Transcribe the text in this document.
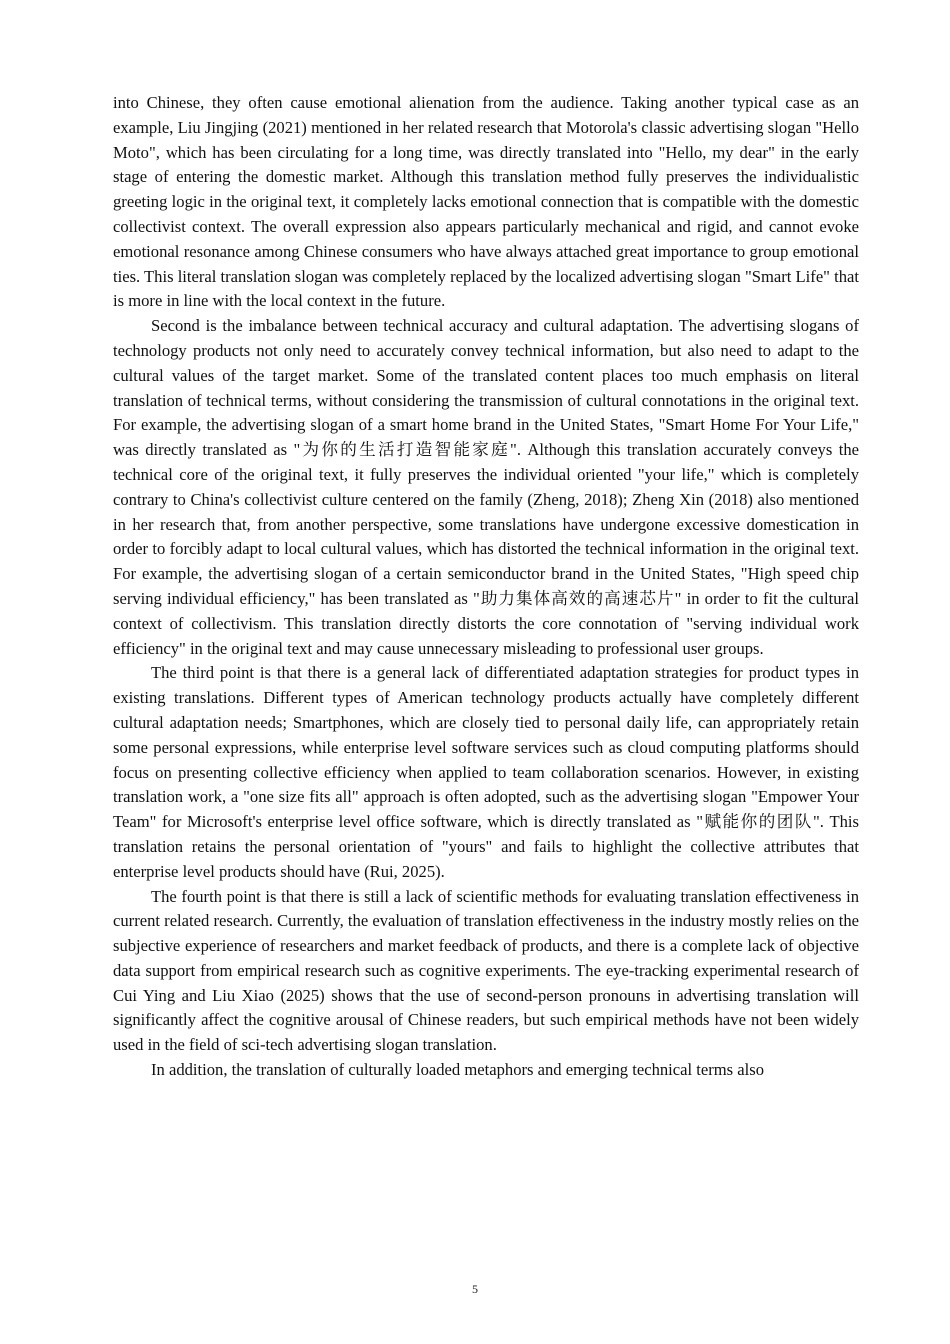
into Chinese, they often cause emotional alienation from the audience. Taking another typical case as an example, Liu Jingjing (2021) mentioned in her related research that Motorola's classic advertising slogan "Hello Moto", which has been circulating for a long time, was directly translated into "Hello, my dear" in the early stage of entering the domestic market. Although this translation method fully preserves the individualistic greeting logic in the original text, it completely lacks emotional connection that is compatible with the domestic collectivist context. The overall expression also appears particularly mechanical and rigid, and cannot evoke emotional resonance among Chinese consumers who have always attached great importance to group emotional ties. This literal translation slogan was completely replaced by the localized advertising slogan "Smart Life" that is more in line with the local context in the future.

Second is the imbalance between technical accuracy and cultural adaptation. The advertising slogans of technology products not only need to accurately convey technical information, but also need to adapt to the cultural values of the target market. Some of the translated content places too much emphasis on literal translation of technical terms, without considering the transmission of cultural connotations in the original text. For example, the advertising slogan of a smart home brand in the United States, "Smart Home For Your Life," was directly translated as "为你的生活打造智能家庭". Although this translation accurately conveys the technical core of the original text, it fully preserves the individual oriented "your life," which is completely contrary to China's collectivist culture centered on the family (Zheng, 2018); Zheng Xin (2018) also mentioned in her research that, from another perspective, some translations have undergone excessive domestication in order to forcibly adapt to local cultural values, which has distorted the technical information in the original text. For example, the advertising slogan of a certain semiconductor brand in the United States, "High speed chip serving individual efficiency," has been translated as "助力集体高效的高速芯片" in order to fit the cultural context of collectivism. This translation directly distorts the core connotation of "serving individual work efficiency" in the original text and may cause unnecessary misleading to professional user groups.

The third point is that there is a general lack of differentiated adaptation strategies for product types in existing translations. Different types of American technology products actually have completely different cultural adaptation needs; Smartphones, which are closely tied to personal daily life, can appropriately retain some personal expressions, while enterprise level software services such as cloud computing platforms should focus on presenting collective efficiency when applied to team collaboration scenarios. However, in existing translation work, a "one size fits all" approach is often adopted, such as the advertising slogan "Empower Your Team" for Microsoft's enterprise level office software, which is directly translated as "赋能你的团队". This translation retains the personal orientation of "yours" and fails to highlight the collective attributes that enterprise level products should have (Rui, 2025).

The fourth point is that there is still a lack of scientific methods for evaluating translation effectiveness in current related research. Currently, the evaluation of translation effectiveness in the industry mostly relies on the subjective experience of researchers and market feedback of products, and there is a complete lack of objective data support from empirical research such as cognitive experiments. The eye-tracking experimental research of Cui Ying and Liu Xiao (2025) shows that the use of second-person pronouns in advertising translation will significantly affect the cognitive arousal of Chinese readers, but such empirical methods have not been widely used in the field of sci-tech advertising slogan translation.

In addition, the translation of culturally loaded metaphors and emerging technical terms also

5
